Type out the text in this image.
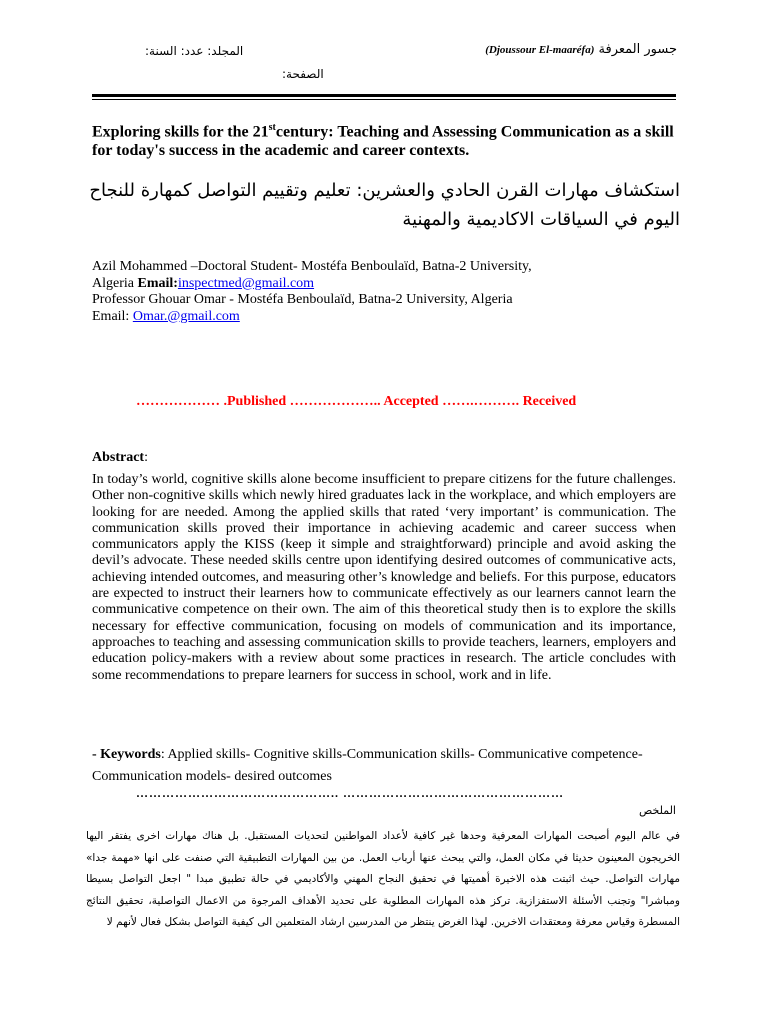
جسور المعرفة (Djoussour El-maaréfa)
المجلد: عدد: السنة:
الصفحة:
Exploring skills for the 21stcentury: Teaching and Assessing Communication as a skill for today's success in the academic and career contexts.
استكشاف مهارات القرن الحادي والعشرين: تعليم وتقييم التواصل كمهارة للنجاح اليوم في السياقات الاكاديمية والمهنية
Azil Mohammed –Doctoral Student- Mostéfa Benboulaïd, Batna-2 University,
Algeria Email:inspectmed@gmail.com
Professor Ghouar Omar - Mostéfa Benboulaïd, Batna-2 University, Algeria
Email: Omar.@gmail.com
……………… .Published ……………….. Accepted …….………. Received
Abstract:
In today’s world, cognitive skills alone become insufficient to prepare citizens for the future challenges. Other non-cognitive skills which newly hired graduates lack in the workplace, and which employers are looking for are needed. Among the applied skills that rated ‘very important’ is communication. The communication skills proved their importance in achieving academic and career success when communicators apply the KISS (keep it simple and straightforward) principle and avoid asking the devil’s advocate. These needed skills centre upon identifying desired outcomes of communicative acts, achieving intended outcomes, and measuring other’s knowledge and beliefs. For this purpose, educators are expected to instruct their learners how to communicate effectively as our learners cannot learn the communicative competence on their own. The aim of this theoretical study then is to explore the skills necessary for effective communication, focusing on models of communication and its importance, approaches to teaching and assessing communication skills to provide teachers, learners, employers and education policy-makers with a review about some practices in research. The article concludes with some recommendations to prepare learners for success in school, work and in life.
- Keywords: Applied skills- Cognitive skills-Communication skills- Communicative competence- Communication models- desired outcomes
……………………………………….. ……………………………………………
الملخص
في عالم اليوم أصبحت المهارات المعرفية وحدها غير كافية لأعداد المواطنين لتحديات المستقبل. بل هناك مهارات اخرى يفتقر اليها الخريجون المعينون حديثا في مكان العمل، والتي يبحث عنها أرباب العمل. من بين المهارات التطبيقية التي صنفت على انها «مهمة جدا» مهارات التواصل. حيث اثبتت هذه الاخيرة أهميتها في تحقيق النجاح المهني والأكاديمي في حالة تطبيق مبدا " اجعل التواصل بسيطا ومباشرا" وتجنب الأسئلة الاستفزازية. تركز هذه المهارات المطلوبة على تحديد الأهداف المرجوة من الاعمال التواصلية، تحقيق النتائج المسطرة وقياس معرفة ومعتقدات الاخرين. لهذا الغرض ينتظر من المدرسين ارشاد المتعلمين الى كيفية التواصل بشكل فعال لأنهم لا
